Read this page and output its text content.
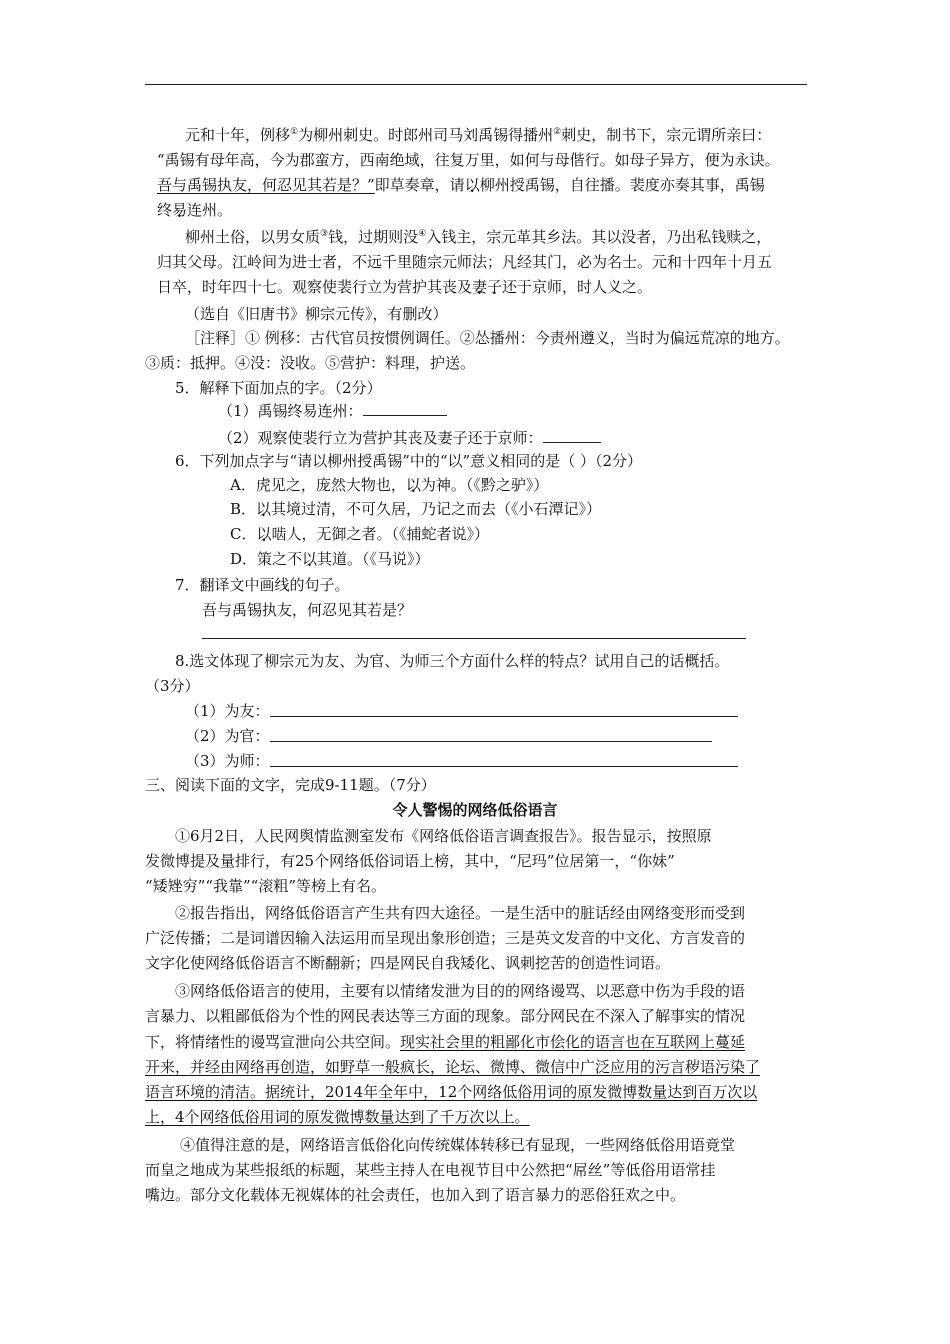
元和十年，例移①为柳州刺史。时郎州司马刘禹锡得播州②刺史，制书下，宗元谓所亲曰：
“禹锡有母年高，今为郡蛮方，西南绝域，往复万里，如何与母偕行。如母子异方，便为永诀。
吾与禹锡执友，何忍见其若是？”即草奏章，请以柳州授禹锡，自往播。裴度亦奏其事，禹锡
终易连州。
柳州土俗，以男女质③钱，过期则没④入钱主，宗元革其乡法。其以没者，乃出私钱赎之，
归其父母。江岭间为进士者，不远千里随宗元师法；凡经其门，必为名士。元和十四年十月五
日卒，时年四十七。观察使裴行立为营护其丧及妻子还于京师，时人义之。
（选自《旧唐书》柳宗元传》，有删改）
［注释］① 例移：古代官员按惯例调任。②怂播州：今责州遵义，当时为偏远荒凉的地方。
③质：抵押。④没：没收。⑤营护：料理，护送。
5．解释下面加点的字。（2分）
（1）禹锡终易连州：
（2）观察使裴行立为营护其丧及妻子还于京师：
6．下列加点字与“请以柳州授禹锡”中的“以”意义相同的是（ ）（2分）
A．虎见之，庞然大物也，以为神。（《黔之驴》）
B．以其境过清，不可久居，乃记之而去（《小石潭记》）
C．以啮人，无御之者。（《捕蛇者说》）
D．策之不以其道。（《马说》）
7．翻译文中画线的句子。
吾与禹锡执友，何忍见其若是？
8.选文体现了柳宗元为友、为官、为师三个方面什么样的特点？试用自己的话概括。
（3分）
（1）为友：
（2）为官：
（3）为师：
三、阅读下面的文字，完成9-11题。（7分）
令人警惕的网络低俗语言
①6月2日，人民网舆情监测室发布《网络低俗语言调查报告》。报告显示，按照原
发微博提及量排行，有25个网络低俗词语上榜，其中，“尼玛”位居第一，“你妹”
“矮矬穷”“我靠”“滚粗”等榜上有名。
②报告指出，网络低俗语言产生共有四大途径。一是生活中的脏话经由网络变形而受到
广泛传播；二是词谱因输入法运用而呈现出象形创造；三是英文发音的中文化、方言发音的
文字化使网络低俗语言不断翻新；四是网民自我矮化、讽刺挖苦的创造性词语。
③网络低俗语言的使用，主要有以情绪发泄为目的的网络谩骂、以恶意中伤为手段的语
言暴力、以粗鄙低俗为个性的网民表达等三方面的现象。部分网民在不深入了解事实的情况
下，将情绪性的谩骂宣泄向公共空间。现实社会里的粗鄙化市侩化的语言也在互联网上蔓延
开来，并经由网络再创造，如野草一般疯长，论坛、微博、微信中广泛应用的污言秽语污染了
语言环境的清洁。据统计，2014年全年中，12个网络低俗用词的原发微博数量达到百万次以
上，4个网络低俗用词的原发微博数量达到了千万次以上。
④值得注意的是，网络语言低俗化向传统媒体转移已有显现，一些网络低俗用语竟堂
而皇之地成为某些报纸的标题，某些主持人在电视节目中公然把“屌丝”等低俗用语常挂
嘴边。部分文化载体无视媒体的社会责任，也加入到了语言暴力的恶俗狂欢之中。
